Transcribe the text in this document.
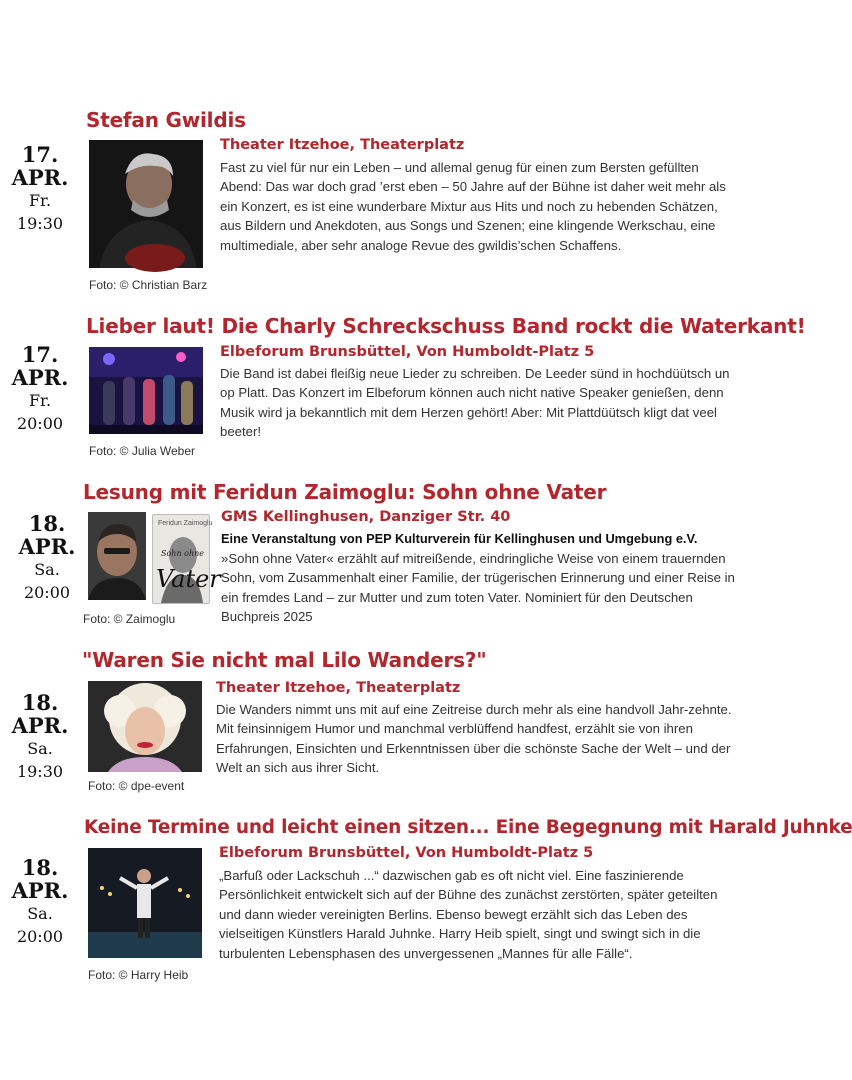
Stefan Gwildis
17.
APR.
Fr.
19:30
Foto: © Christian Barz
Theater Itzehoe, Theaterplatz
Fast zu viel für nur ein Leben – und allemal genug für einen zum Bersten gefüllten Abend: Das war doch grad ’erst eben – 50 Jahre auf der Bühne ist daher weit mehr als ein Konzert, es ist eine wunderbare Mixtur aus Hits und noch zu hebenden Schätzen, aus Bildern und Anekdoten, aus Songs und Szenen; eine klingende Werkschau, eine multimediale, aber sehr analoge Revue des gwildis’schen Schaffens.
Lieber laut! Die Charly Schreckschuss Band rockt die Waterkant!
17.
APR.
Fr.
20:00
Foto: © Julia Weber
Elbeforum Brunsbüttel, Von Humboldt-Platz 5
Die Band ist dabei fleißig neue Lieder zu schreiben. De Leeder sünd in hochdüütsch un op Platt. Das Konzert im Elbeforum können auch nicht native Speaker genießen, denn Musik wird ja bekanntlich mit dem Herzen gehört! Aber: Mit Plattdüütsch kligt dat veel beeter!
Lesung mit Feridun Zaimoglu: Sohn ohne Vater
18.
APR.
Sa.
20:00
Feridun Zaimoglu
Sohn ohne
Vater
Foto: © Zaimoglu
GMS Kellinghusen, Danziger Str. 40
Eine Veranstaltung von PEP Kulturverein für Kellinghusen und Umgebung e.V.
»Sohn ohne Vater« erzählt auf mitreißende, eindringliche Weise von einem trauernden Sohn, vom Zusammenhalt einer Familie, der trügerischen Erinnerung und einer Reise in ein fremdes Land – zur Mutter und zum toten Vater. Nominiert für den Deutschen Buchpreis 2025
"Waren Sie nicht mal Lilo Wanders?"
18.
APR.
Sa.
19:30
Foto: © dpe-event
Theater Itzehoe, Theaterplatz
Die Wanders nimmt uns mit auf eine Zeitreise durch mehr als eine handvoll Jahr-zehnte. Mit feinsinnigem Humor und manchmal verblüffend handfest, erzählt sie von ihren Erfahrungen, Einsichten und Erkenntnissen über die schönste Sache der Welt – und der Welt an sich aus ihrer Sicht.
Keine Termine und leicht einen sitzen... Eine Begegnung mit Harald Juhnke
18.
APR.
Sa.
20:00
Foto: © Harry Heib
Elbeforum Brunsbüttel, Von Humboldt-Platz 5
„Barfuß oder Lackschuh ...“ dazwischen gab es oft nicht viel. Eine faszinierende Persönlichkeit entwickelt sich auf der Bühne des zunächst zerstörten, später geteilten und dann wieder vereinigten Berlins. Ebenso bewegt erzählt sich das Leben des vielseitigen Künstlers Harald Juhnke. Harry Heib spielt, singt und swingt sich in die turbulenten Lebensphasen des unvergessenen „Mannes für alle Fälle“.
